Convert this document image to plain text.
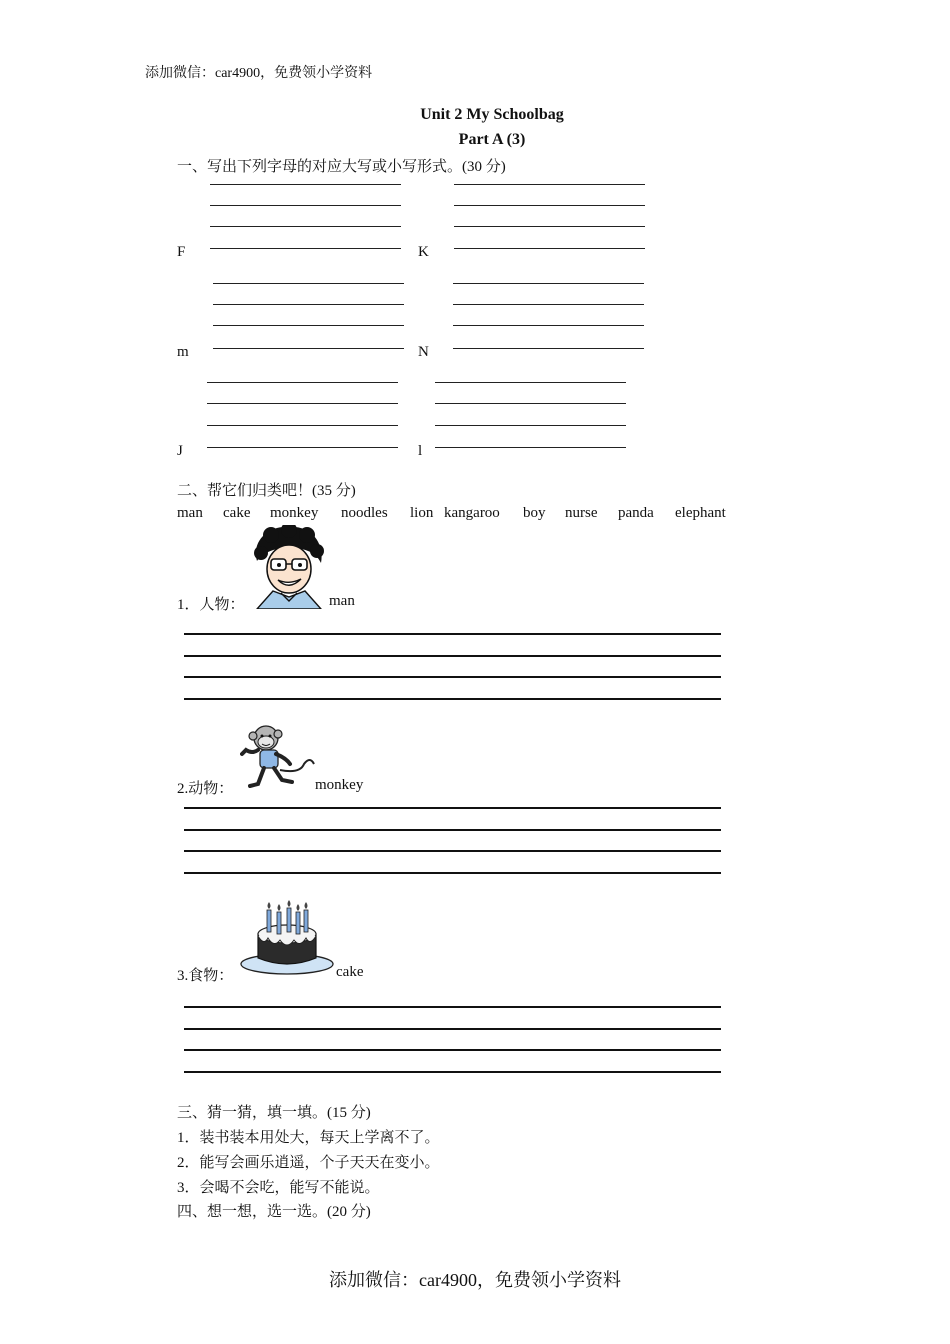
添加微信：car4900，免费领小学资料
Unit 2 My Schoolbag
Part A (3)
一、写出下列字母的对应大写或小写形式。(30 分)
F	K
m	N
J	l
二、帮它们归类吧！(35 分)
man cake monkey noodles lion kangaroo boy nurse panda elephant
1．人物：	man
2.动物：	monkey
3.食物：	cake
三、猜一猜，填一填。(15 分)
1．装书装本用处大，每天上学离不了。
2．能写会画乐逍遥，个子天天在变小。
3．会喝不会吃，能写不能说。
四、想一想，选一选。(20 分)
添加微信：car4900，免费领小学资料
